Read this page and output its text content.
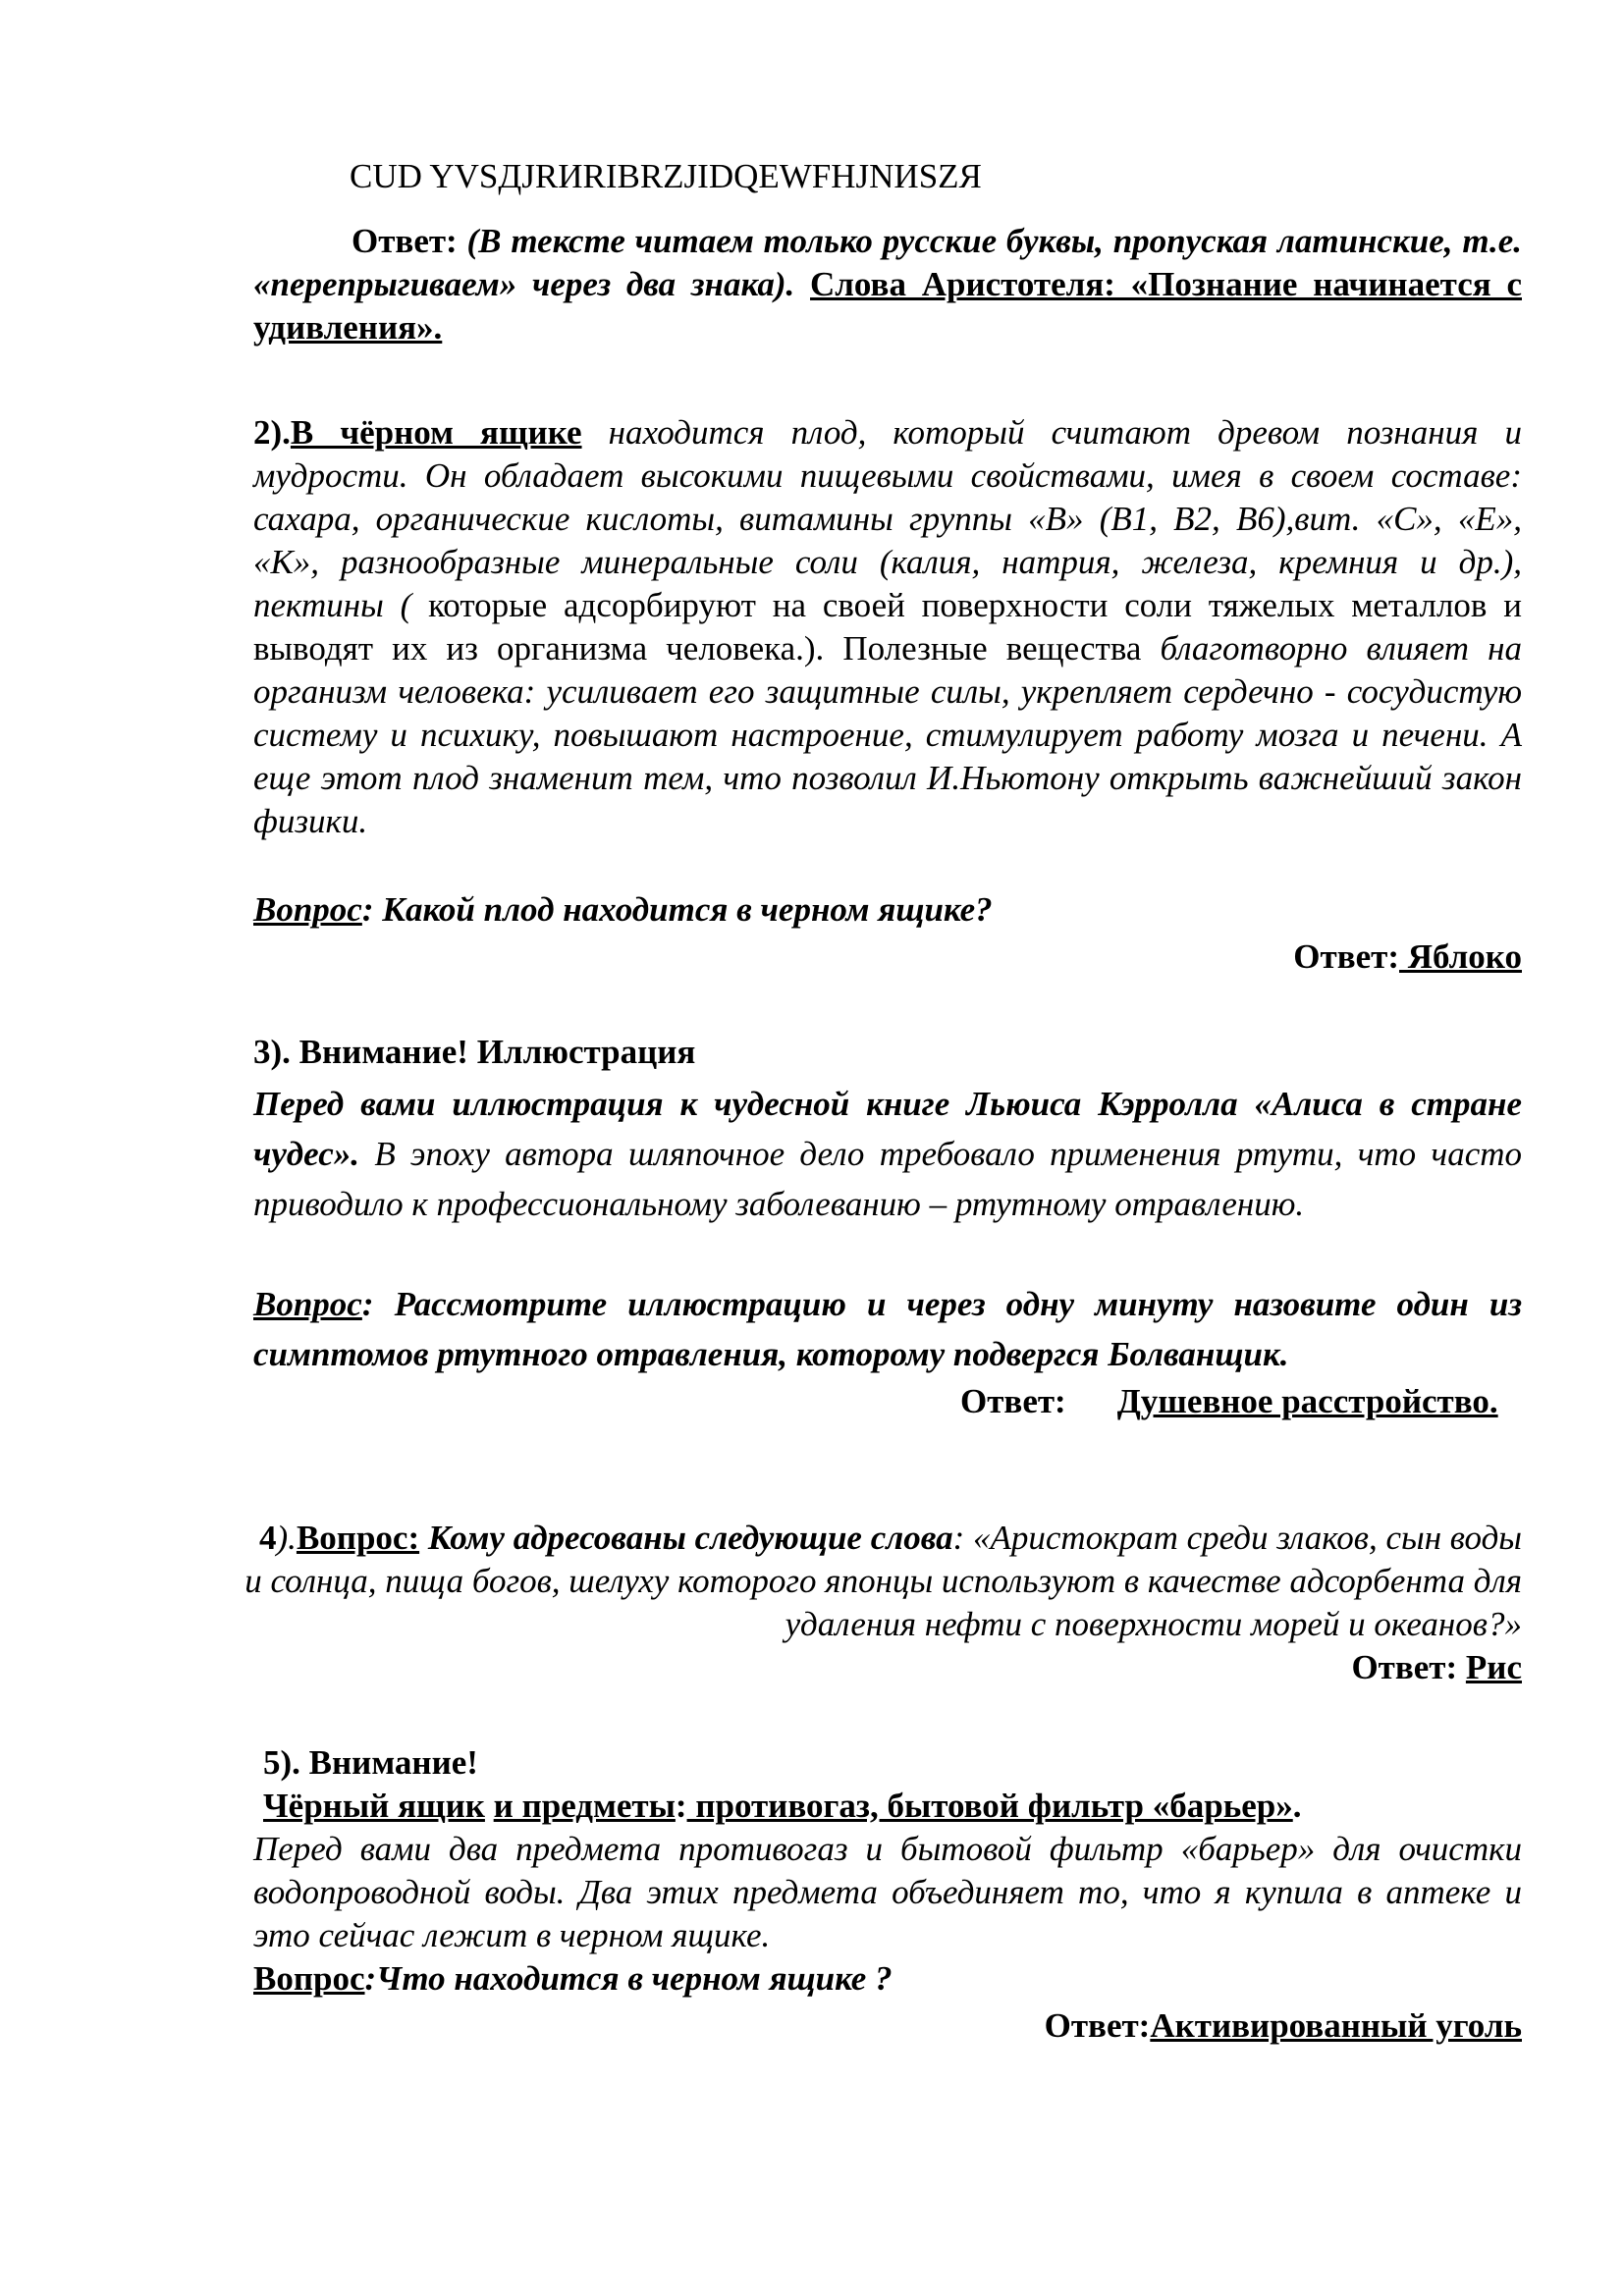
CUD YVSДJRИRIBRZJIDQEWFHJNИSZЯ
Ответ: (В тексте читаем только русские буквы, пропуская латинские, т.е. «перепрыгиваем» через два знака). Слова Аристотеля: «Познание начинается с удивления».
2).В чёрном ящике находится плод, который считают древом познания и мудрости. Он обладает высокими пищевыми свойствами, имея в своем составе: сахара, органические кислоты, витамины группы «В» (В1, В2, В6),вит. «С», «Е», «К», разнообразные минеральные соли (калия, натрия, железа, кремния и др.), пектины ( которые адсорбируют на своей поверхности соли тяжелых металлов и выводят их из организма человека.). Полезные вещества благотворно влияет на организм человека: усиливает его защитные силы, укрепляет сердечно - сосудистую систему и психику, повышают настроение, стимулирует работу мозга и печени. А еще этот плод знаменит тем, что позволил И.Ньютону открыть важнейший закон физики.
Вопрос: Какой плод находится в черном ящике?
Ответ: Яблоко
3). Внимание! Иллюстрация
Перед вами иллюстрация к чудесной книге Льюиса Кэрролла «Алиса в стране чудес». В эпоху автора шляпочное дело требовало применения ртути, что часто приводило к профессиональному заболеванию – ртутному отравлению.
Вопрос: Рассмотрите иллюстрацию и через одну минуту назовите один из симптомов ртутного отравления, которому подвергся Болванщик.
Ответ: Душевное расстройство.
4).Вопрос: Кому адресованы следующие слова: «Аристократ среди злаков, сын воды и солнца, пища богов, шелуху которого японцы используют в качестве адсорбента для удаления нефти с поверхности морей и океанов?»
Ответ: Рис
5). Внимание!
Чёрный ящик и предметы: противогаз, бытовой фильтр «барьер».
Перед вами два предмета противогаз и бытовой фильтр «барьер» для очистки водопроводной воды. Два этих предмета объединяет то, что я купила в аптеке и это сейчас лежит в черном ящике.
Вопрос:Что находится в черном ящике ?
Ответ:Активированный уголь
